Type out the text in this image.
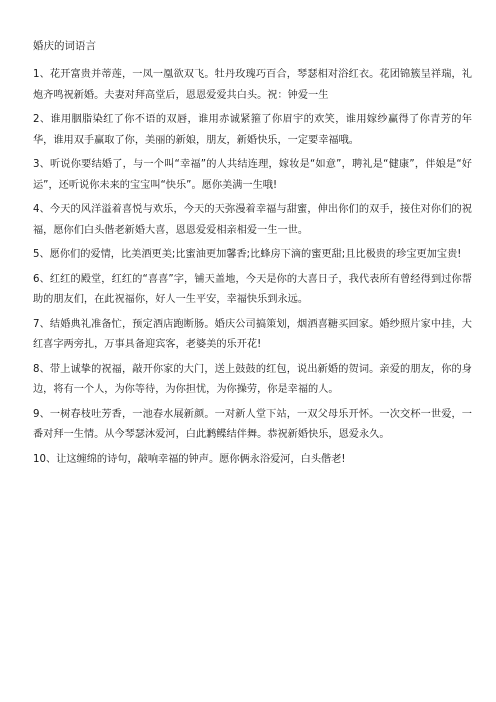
婚庆的词语言

1、花开富贵并蒂莲，一凤一凰欲双飞。牡丹玫瑰巧百合，琴瑟相对浴红衣。花团锦簇呈祥瑞，礼炮齐鸣祝新婚。夫妻对拜高堂后，恩恩爱爱共白头。祝：钟爱一生

2、谁用胭脂染红了你不语的双唇，谁用赤诚紧箍了你眉宇的欢笑，谁用嫁纱赢得了你青芳的年华，谁用双手赢取了你，美丽的新娘，朋友，新婚快乐，一定要幸福哦。

3、听说你要结婚了，与一个叫“幸福”的人共结连理，嫁妆是“如意”，聘礼是“健康”，伴娘是“好运”，还听说你未来的宝宝叫“快乐”。愿你美满一生哦!

4、今天的风洋溢着喜悦与欢乐，今天的天弥漫着幸福与甜蜜，伸出你们的双手，接住对你们的祝福，愿你们白头偕老新婚大喜，恩恩爱爱相亲相爱一生一世。

5、愿你们的爱情，比美酒更美;比蜜油更加馨香;比蜂房下滴的蜜更甜;且比极贵的珍宝更加宝贵!

6、红红的殿堂，红红的“喜喜”字，铺天盖地，今天是你的大喜日子，我代表所有曾经得到过你帮助的朋友们，在此祝福你，好人一生平安，幸福快乐到永远。

7、结婚典礼准备忙，预定酒店跑断肠。婚庆公司搞策划，烟酒喜糖买回家。婚纱照片家中挂，大红喜字两旁扎，万事具备迎宾客，老婆美的乐开花!

8、带上诚挚的祝福，敲开你家的大门，送上鼓鼓的红包，说出新婚的贺词。亲爱的朋友，你的身边，将有一个人，为你等待，为你担忧，为你操劳，你是幸福的人。

9、一树春枝吐芳香，一池春水展新颜。一对新人堂下站，一双父母乐开怀。一次交杯一世爱，一番对拜一生情。从今琴瑟沐爱河，白此鹣鲽结伴舞。恭祝新婚快乐，恩爱永久。

10、让这缠绵的诗句，敲响幸福的钟声。愿你俩永浴爱河，白头偕老!
